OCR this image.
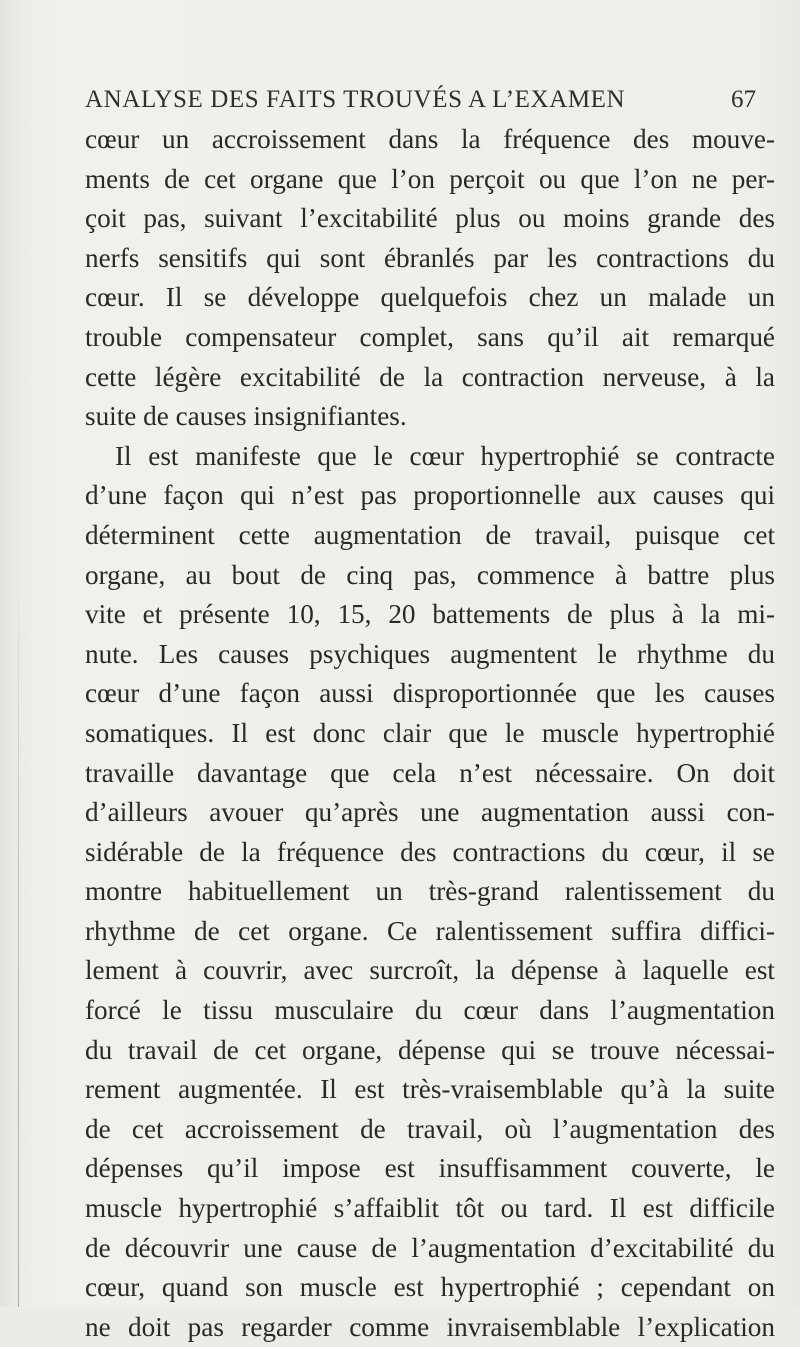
ANALYSE DES FAITS TROUVÉS A L’EXAMEN	67
cœur un accroissement dans la fréquence des mouve-
ments de cet organe que l’on perçoit ou que l’on ne per-
çoit pas, suivant l’excitabilité plus ou moins grande des
nerfs sensitifs qui sont ébranlés par les contractions du
cœur. Il se développe quelquefois chez un malade un
trouble compensateur complet, sans qu’il ait remarqué
cette légère excitabilité de la contraction nerveuse, à la
suite de causes insignifiantes.
Il est manifeste que le cœur hypertrophié se contracte
d’une façon qui n’est pas proportionnelle aux causes qui
déterminent cette augmentation de travail, puisque cet
organe, au bout de cinq pas, commence à battre plus
vite et présente 10, 15, 20 battements de plus à la mi-
nute. Les causes psychiques augmentent le rhythme du
cœur d’une façon aussi disproportionnée que les causes
somatiques. Il est donc clair que le muscle hypertrophié
travaille davantage que cela n’est nécessaire. On doit
d’ailleurs avouer qu’après une augmentation aussi con-
sidérable de la fréquence des contractions du cœur, il se
montre habituellement un très-grand ralentissement du
rhythme de cet organe. Ce ralentissement suffira diffici-
lement à couvrir, avec surcroît, la dépense à laquelle est
forcé le tissu musculaire du cœur dans l’augmentation
du travail de cet organe, dépense qui se trouve nécessai-
rement augmentée. Il est très-vraisemblable qu’à la suite
de cet accroissement de travail, où l’augmentation des
dépenses qu’il impose est insuffisamment couverte, le
muscle hypertrophié s’affaiblit tôt ou tard. Il est difficile
de découvrir une cause de l’augmentation d’excitabilité du
cœur, quand son muscle est hypertrophié ; cependant on
ne doit pas regarder comme invraisemblable l’explication
